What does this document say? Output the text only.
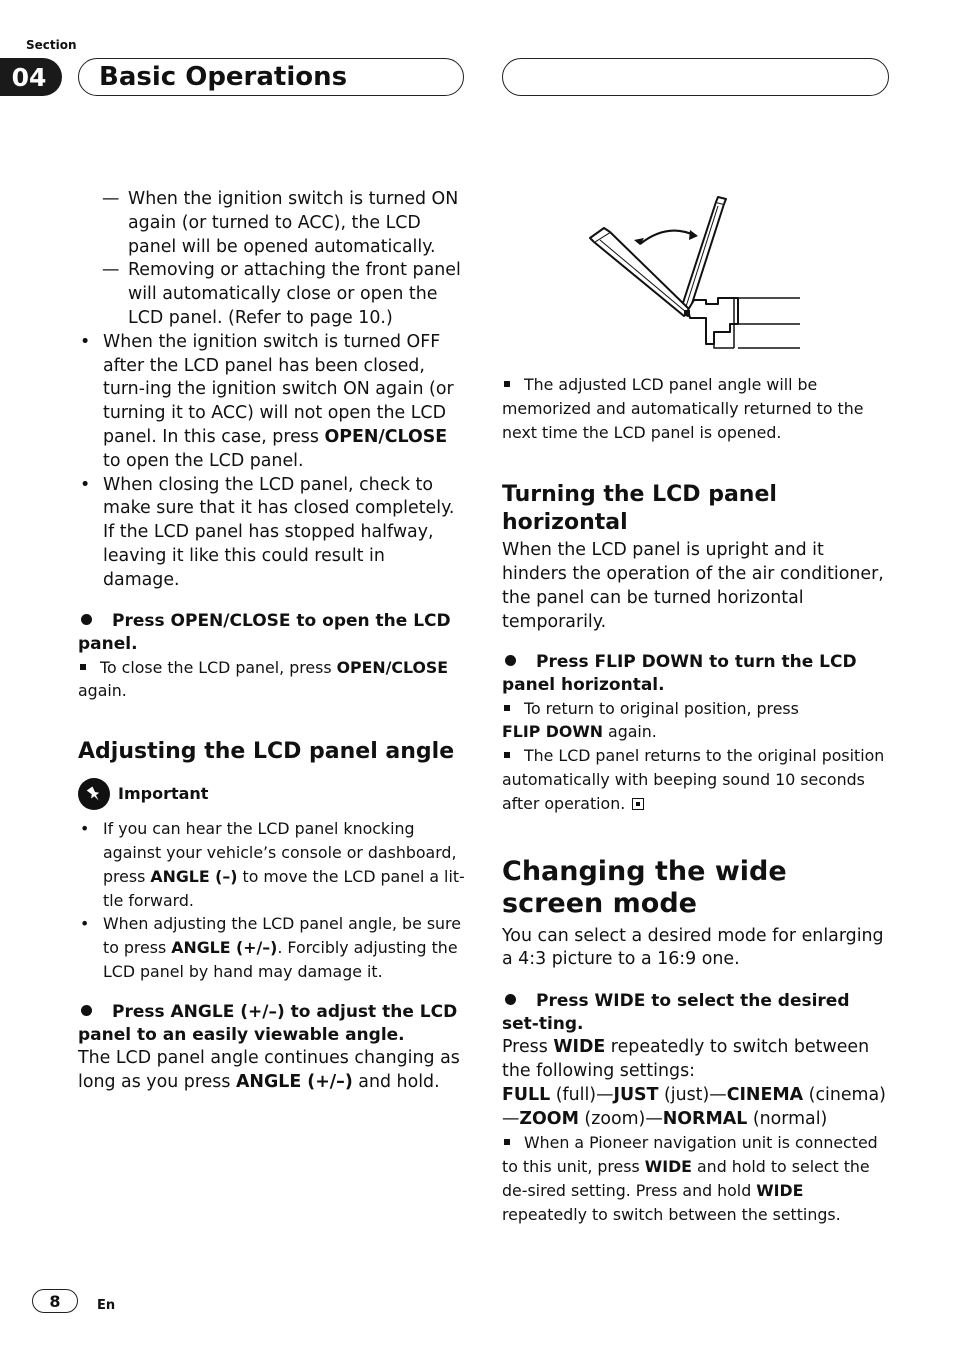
Section
04	Basic Operations
— When the ignition switch is turned ON again (or turned to ACC), the LCD panel will be opened automatically.
— Removing or attaching the front panel will automatically close or open the LCD panel. (Refer to page 10.)
• When the ignition switch is turned OFF after the LCD panel has been closed, turn-ing the ignition switch ON again (or turning it to ACC) will not open the LCD panel. In this case, press OPEN/CLOSE to open the LCD panel.
• When closing the LCD panel, check to make sure that it has closed completely. If the LCD panel has stopped halfway, leaving it like this could result in damage.
Press OPEN/CLOSE to open the LCD panel.
To close the LCD panel, press OPEN/CLOSE again.
Adjusting the LCD panel angle
Important
• If you can hear the LCD panel knocking against your vehicle’s console or dashboard, press ANGLE (–) to move the LCD panel a lit-tle forward.
• When adjusting the LCD panel angle, be sure to press ANGLE (+/–). Forcibly adjusting the LCD panel by hand may damage it.
Press ANGLE (+/–) to adjust the LCD panel to an easily viewable angle.
The LCD panel angle continues changing as long as you press ANGLE (+/–) and hold.
The adjusted LCD panel angle will be memorized and automatically returned to the next time the LCD panel is opened.
Turning the LCD panel horizontal
When the LCD panel is upright and it hinders the operation of the air conditioner, the panel can be turned horizontal temporarily.
Press FLIP DOWN to turn the LCD panel horizontal.
To return to original position, press
FLIP DOWN again.
The LCD panel returns to the original position automatically with beeping sound 10 seconds after operation.
Changing the wide screen mode
You can select a desired mode for enlarging a 4:3 picture to a 16:9 one.
Press WIDE to select the desired set-ting.
Press WIDE repeatedly to switch between the following settings:
FULL (full)—JUST (just)—CINEMA (cinema)
—ZOOM (zoom)—NORMAL (normal)
When a Pioneer navigation unit is connected to this unit, press WIDE and hold to select the de-sired setting. Press and hold WIDE repeatedly to switch between the settings.
8	En
